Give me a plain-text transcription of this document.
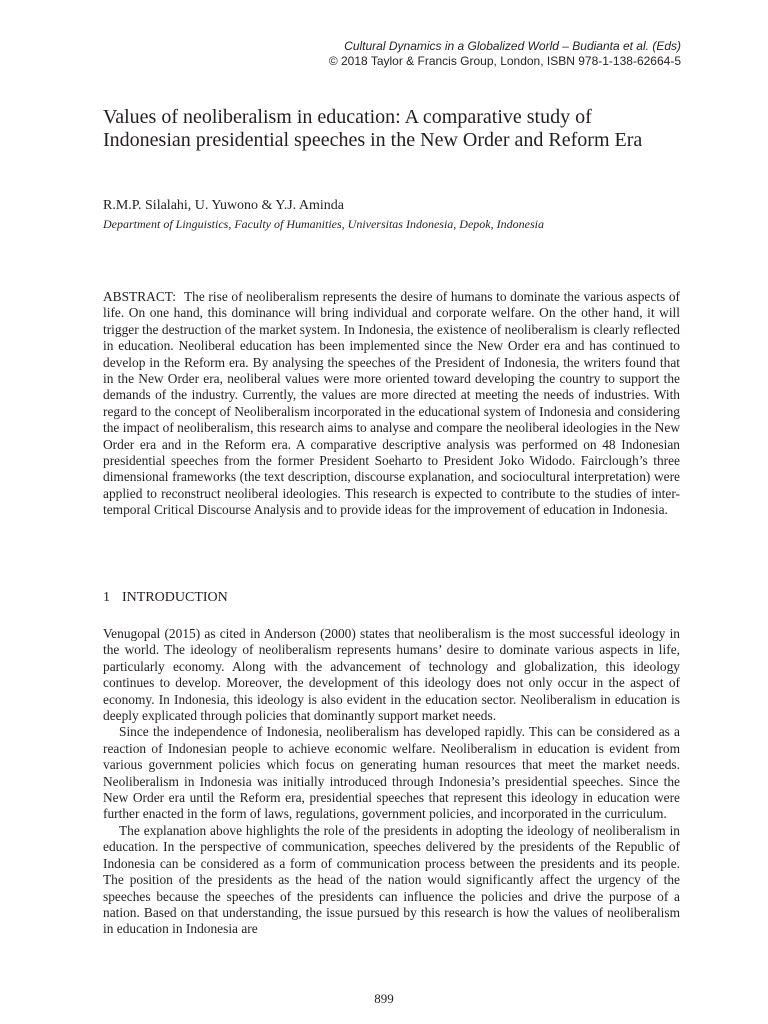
Cultural Dynamics in a Globalized World – Budianta et al. (Eds)
© 2018 Taylor & Francis Group, London, ISBN 978-1-138-62664-5
Values of neoliberalism in education: A comparative study of Indonesian presidential speeches in the New Order and Reform Era
R.M.P. Silalahi, U. Yuwono & Y.J. Aminda
Department of Linguistics, Faculty of Humanities, Universitas Indonesia, Depok, Indonesia

ABSTRACT: The rise of neoliberalism represents the desire of humans to dominate the various aspects of life. On one hand, this dominance will bring individual and corporate welfare. On the other hand, it will trigger the destruction of the market system. In Indonesia, the existence of neoliberalism is clearly reflected in education. Neoliberal education has been implemented since the New Order era and has continued to develop in the Reform era. By analysing the speeches of the President of Indonesia, the writers found that in the New Order era, neoliberal values were more oriented toward developing the country to support the demands of the industry. Currently, the values are more directed at meeting the needs of industries. With regard to the concept of Neoliberalism incorporated in the educational system of Indonesia and considering the impact of neoliberalism, this research aims to analyse and compare the neoliberal ideologies in the New Order era and in the Reform era. A comparative descriptive analysis was performed on 48 Indonesian presidential speeches from the former President Soeharto to President Joko Widodo. Fairclough’s three dimensional frameworks (the text description, discourse explanation, and sociocultural interpretation) were applied to reconstruct neoliberal ideologies. This research is expected to contribute to the studies of inter-temporal Critical Discourse Analysis and to provide ideas for the improvement of education in Indonesia.

1 INTRODUCTION

Venugopal (2015) as cited in Anderson (2000) states that neoliberalism is the most successful ideology in the world. The ideology of neoliberalism represents humans’ desire to dominate various aspects in life, particularly economy. Along with the advancement of technology and globalization, this ideology continues to develop. Moreover, the development of this ideology does not only occur in the aspect of economy. In Indonesia, this ideology is also evident in the education sector. Neoliberalism in education is deeply explicated through policies that dominantly support market needs.

Since the independence of Indonesia, neoliberalism has developed rapidly. This can be considered as a reaction of Indonesian people to achieve economic welfare. Neoliberalism in education is evident from various government policies which focus on generating human resources that meet the market needs. Neoliberalism in Indonesia was initially introduced through Indonesia’s presidential speeches. Since the New Order era until the Reform era, presidential speeches that represent this ideology in education were further enacted in the form of laws, regulations, government policies, and incorporated in the curriculum.

The explanation above highlights the role of the presidents in adopting the ideology of neoliberalism in education. In the perspective of communication, speeches delivered by the presidents of the Republic of Indonesia can be considered as a form of communication process between the presidents and its people. The position of the presidents as the head of the nation would significantly affect the urgency of the speeches because the speeches of the presidents can influence the policies and drive the purpose of a nation. Based on that understanding, the issue pursued by this research is how the values of neoliberalism in education in Indonesia are

899
